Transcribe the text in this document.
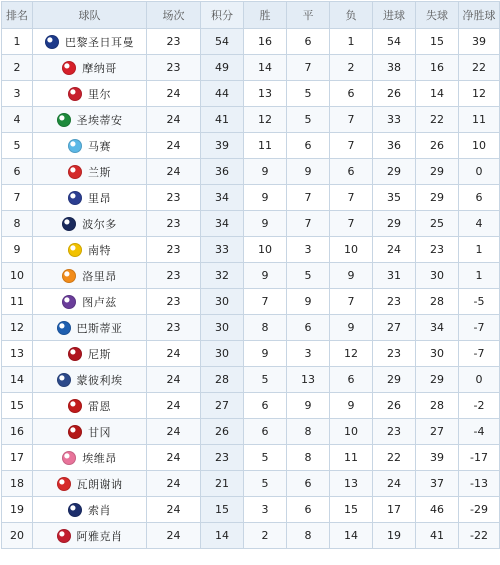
排名	球队	场次	积分	胜	平	负	进球	失球	净胜球
1	巴黎圣日耳曼	23	54	16	6	1	54	15	39
2	摩纳哥	23	49	14	7	2	38	16	22
3	里尔	24	44	13	5	6	26	14	12
4	圣埃蒂安	24	41	12	5	7	33	22	11
5	马赛	24	39	11	6	7	36	26	10
6	兰斯	24	36	9	9	6	29	29	0
7	里昂	23	34	9	7	7	35	29	6
8	波尔多	23	34	9	7	7	29	25	4
9	南特	23	33	10	3	10	24	23	1
10	洛里昂	23	32	9	5	9	31	30	1
11	图卢兹	23	30	7	9	7	23	28	-5
12	巴斯蒂亚	23	30	8	6	9	27	34	-7
13	尼斯	24	30	9	3	12	23	30	-7
14	蒙彼利埃	24	28	5	13	6	29	29	0
15	雷恩	24	27	6	9	9	26	28	-2
16	甘冈	24	26	6	8	10	23	27	-4
17	埃维昂	24	23	5	8	11	22	39	-17
18	瓦朗谢讷	24	21	5	6	13	24	37	-13
19	索肖	24	15	3	6	15	17	46	-29
20	阿雅克肖	24	14	2	8	14	19	41	-22
